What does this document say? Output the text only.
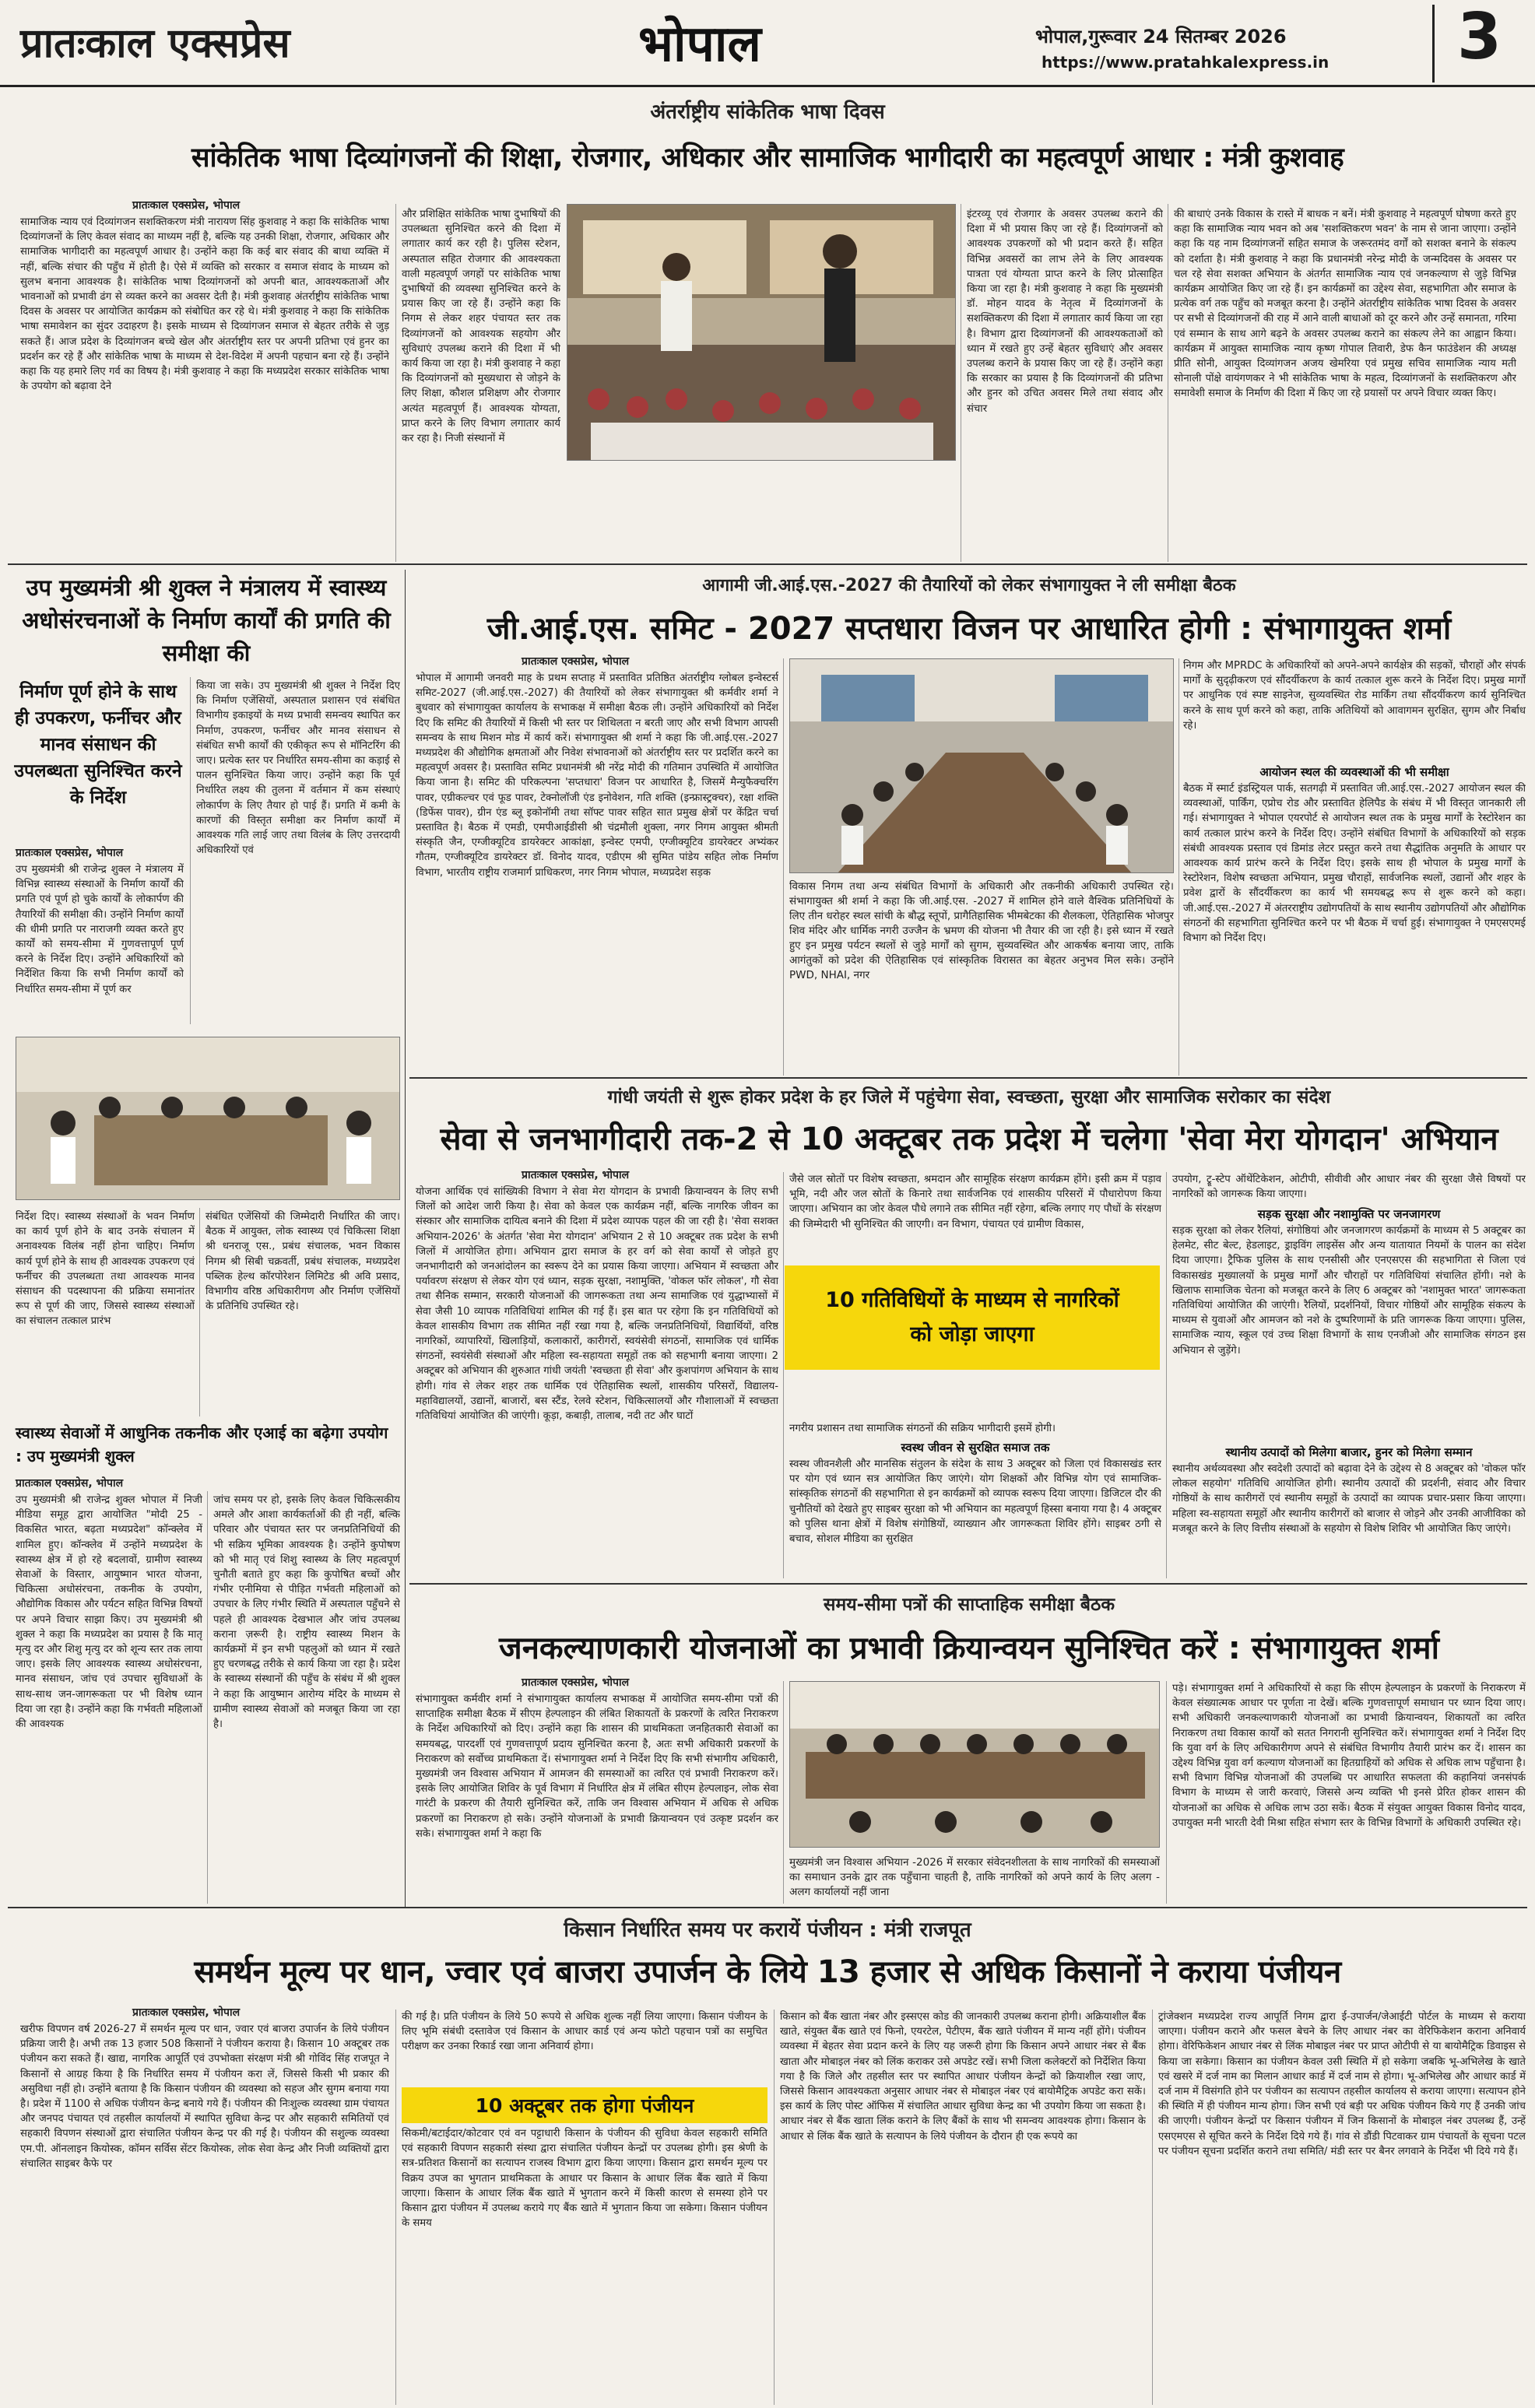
प्रातःकाल एक्सप्रेस	भोपाल	भोपाल,गुरूवार 24 सितम्बर 2026
https://www.pratahkalexpress.in 3
अंतर्राष्ट्रीय सांकेतिक भाषा दिवस
सांकेतिक भाषा दिव्यांगजनों की शिक्षा, रोजगार, अधिकार और सामाजिक भागीदारी का महत्वपूर्ण आधार : मंत्री कुशवाह
प्रातःकाल एक्सप्रेस, भोपाल
सामाजिक न्याय एवं दिव्यांगजन सशक्तिकरण मंत्री नारायण सिंह कुशवाह ने कहा कि सांकेतिक भाषा दिव्यांगजनों के लिए केवल संवाद का माध्यम नहीं है, बल्कि यह उनकी शिक्षा, रोजगार, अधिकार और सामाजिक भागीदारी का महत्वपूर्ण आधार है। उन्होंने कहा कि कई बार संवाद की बाधा व्यक्ति में नहीं, बल्कि संचार की पहुँच में होती है। ऐसे में व्यक्ति को सरकार व समाज संवाद के माध्यम को सुलभ बनाना आवश्यक है। सांकेतिक भाषा दिव्यांगजनों को अपनी बात, आवश्यकताओं और भावनाओं को प्रभावी ढंग से व्यक्त करने का अवसर देती है। मंत्री कुशवाह अंतर्राष्ट्रीय सांकेतिक भाषा दिवस के अवसर पर आयोजित कार्यक्रम को संबोधित कर रहे थे। मंत्री कुशवाह ने कहा कि सांकेतिक भाषा समावेशन का सुंदर उदाहरण है। इसके माध्यम से दिव्यांगजन समाज से बेहतर तरीके से जुड़ सकते हैं। आज प्रदेश के दिव्यांगजन बच्चे खेल और अंतर्राष्ट्रीय स्तर पर अपनी प्रतिभा एवं हुनर का प्रदर्शन कर रहे हैं और सांकेतिक भाषा के माध्यम से देश-विदेश में अपनी पहचान बना रहे हैं। उन्होंने कहा कि यह हमारे लिए गर्व का विषय है। मंत्री कुशवाह ने कहा कि मध्यप्रदेश सरकार सांकेतिक भाषा के उपयोग को बढ़ावा देने
और प्रशिक्षित सांकेतिक भाषा दुभाषियों की उपलब्धता सुनिश्चित करने की दिशा में लगातार कार्य कर रही है। पुलिस स्टेशन, अस्पताल सहित रोजगार की आवश्यकता वाली महत्वपूर्ण जगहों पर सांकेतिक भाषा दुभाषियों की व्यवस्था सुनिश्चित करने के प्रयास किए जा रहे हैं। उन्होंने कहा कि निगम से लेकर शहर पंचायत स्तर तक दिव्यांगजनों को आवश्यक सहयोग और सुविधाएं उपलब्ध कराने की दिशा में भी कार्य किया जा रहा है। मंत्री कुशवाह ने कहा कि दिव्यांगजनों को मुख्यधारा से जोड़ने के लिए शिक्षा, कौशल प्रशिक्षण और रोजगार अत्यंत महत्वपूर्ण हैं। आवश्यक योग्यता, प्राप्त करने के लिए विभाग लगातार कार्य कर रहा है। निजी संस्थानों में
इंटरव्यू एवं रोजगार के अवसर उपलब्ध कराने की दिशा में भी प्रयास किए जा रहे हैं। दिव्यांगजनों को आवश्यक उपकरणों को भी प्रदान करते हैं। सहित विभिन्न अवसरों का लाभ लेने के लिए आवश्यक पात्रता एवं योग्यता प्राप्त करने के लिए प्रोत्साहित किया जा रहा है। मंत्री कुशवाह ने कहा कि मुख्यमंत्री डॉ. मोहन यादव के नेतृत्व में दिव्यांगजनों के सशक्तिकरण की दिशा में लगातार कार्य किया जा रहा है। विभाग द्वारा दिव्यांगजनों की आवश्यकताओं को ध्यान में रखते हुए उन्हें बेहतर सुविधाएं और अवसर उपलब्ध कराने के प्रयास किए जा रहे हैं। उन्होंने कहा कि सरकार का प्रयास है कि दिव्यांगजनों की प्रतिभा और हुनर को उचित अवसर मिले तथा संवाद और संचार
की बाधाएं उनके विकास के रास्ते में बाधक न बनें। मंत्री कुशवाह ने महत्वपूर्ण घोषणा करते हुए कहा कि सामाजिक न्याय भवन को अब 'सशक्तिकरण भवन' के नाम से जाना जाएगा। उन्होंने कहा कि यह नाम दिव्यांगजनों सहित समाज के जरूरतमंद वर्गों को सशक्त बनाने के संकल्प को दर्शाता है। मंत्री कुशवाह ने कहा कि प्रधानमंत्री नरेन्द्र मोदी के जन्मदिवस के अवसर पर चल रहे सेवा सशक्त अभियान के अंतर्गत सामाजिक न्याय एवं जनकल्याण से जुड़े विभिन्न कार्यक्रम आयोजित किए जा रहे हैं। इन कार्यक्रमों का उद्देश्य सेवा, सहभागिता और समाज के प्रत्येक वर्ग तक पहुँच को मजबूत करना है। उन्होंने अंतर्राष्ट्रीय सांकेतिक भाषा दिवस के अवसर पर सभी से दिव्यांगजनों की राह में आने वाली बाधाओं को दूर करने और उन्हें समानता, गरिमा एवं सम्मान के साथ आगे बढ़ने के अवसर उपलब्ध कराने का संकल्प लेने का आह्वान किया। कार्यक्रम में आयुक्त सामाजिक न्याय कृष्ण गोपाल तिवारी, डेफ कैन फाउंडेशन की अध्यक्ष प्रीति सोनी, आयुक्त दिव्यांगजन अजय खेमरिया एवं प्रमुख सचिव सामाजिक न्याय मती सोनाली पोंक्षे वायंगणकर ने भी सांकेतिक भाषा के महत्व, दिव्यांगजनों के सशक्तिकरण और समावेशी समाज के निर्माण की दिशा में किए जा रहे प्रयासों पर अपने विचार व्यक्त किए।
उप मुख्यमंत्री श्री शुक्ल ने मंत्रालय में स्वास्थ्य अधोसंरचनाओं के निर्माण कार्यों की प्रगति की समीक्षा की
निर्माण पूर्ण होने के साथ ही उपकरण, फर्नीचर और मानव संसाधन की उपलब्धता सुनिश्चित करने के निर्देश
प्रातःकाल एक्सप्रेस, भोपाल
उप मुख्यमंत्री श्री राजेन्द्र शुक्ल ने मंत्रालय में विभिन्न स्वास्थ्य संस्थाओं के निर्माण कार्यों की प्रगति एवं पूर्ण हो चुके कार्यों के लोकार्पण की तैयारियों की समीक्षा की। उन्होंने निर्माण कार्यों की धीमी प्रगति पर नाराजगी व्यक्त करते हुए कार्यों को समय-सीमा में गुणवत्तापूर्ण पूर्ण करने के निर्देश दिए। उन्होंने अधिकारियों को निर्देशित किया कि सभी निर्माण कार्यों को निर्धारित समय-सीमा में पूर्ण कर
किया जा सके। उप मुख्यमंत्री श्री शुक्ल ने निर्देश दिए कि निर्माण एजेंसियों, अस्पताल प्रशासन एवं संबंधित विभागीय इकाइयों के मध्य प्रभावी समन्वय स्थापित कर निर्माण, उपकरण, फर्नीचर और मानव संसाधन से संबंधित सभी कार्यों की एकीकृत रूप से मॉनिटरिंग की जाए। प्रत्येक स्तर पर निर्धारित समय-सीमा का कड़ाई से पालन सुनिश्चित किया जाए। उन्होंने कहा कि पूर्व निर्धारित लक्ष्य की तुलना में वर्तमान में कम संस्थाएं लोकार्पण के लिए तैयार हो पाई हैं। प्रगति में कमी के कारणों की विस्तृत समीक्षा कर निर्माण कार्यों में आवश्यक गति लाई जाए तथा विलंब के लिए उत्तरदायी अधिकारियों एवं
निर्देश दिए। स्वास्थ्य संस्थाओं के भवन निर्माण का कार्य पूर्ण होने के बाद उनके संचालन में अनावश्यक विलंब नहीं होना चाहिए। निर्माण कार्य पूर्ण होने के साथ ही आवश्यक उपकरण एवं फर्नीचर की उपलब्धता तथा आवश्यक मानव संसाधन की पदस्थापना की प्रक्रिया समानांतर रूप से पूर्ण की जाए, जिससे स्वास्थ्य संस्थाओं का संचालन तत्काल प्रारंभ
संबंधित एजेंसियों की जिम्मेदारी निर्धारित की जाए। बैठक में आयुक्त, लोक स्वास्थ्य एवं चिकित्सा शिक्षा श्री धनराजू एस., प्रबंध संचालक, भवन विकास निगम श्री सिबी चक्रवर्ती, प्रबंध संचालक, मध्यप्रदेश पब्लिक हेल्थ कॉरपोरेशन लिमिटेड श्री अवि प्रसाद, विभागीय वरिष्ठ अधिकारीगण और निर्माण एजेंसियों के प्रतिनिधि उपस्थित रहे।
स्वास्थ्य सेवाओं में आधुनिक तकनीक और एआई का बढ़ेगा उपयोग : उप मुख्यमंत्री शुक्ल
प्रातःकाल एक्सप्रेस, भोपाल
उप मुख्यमंत्री श्री राजेन्द्र शुक्ल भोपाल में निजी मीडिया समूह द्वारा आयोजित "मोदी 25 - विकसित भारत, बढ़ता मध्यप्रदेश" कॉन्क्लेव में शामिल हुए। कॉन्क्लेव में उन्होंने मध्यप्रदेश के स्वास्थ्य क्षेत्र में हो रहे बदलावों, ग्रामीण स्वास्थ्य सेवाओं के विस्तार, आयुष्मान भारत योजना, चिकित्सा अधोसंरचना, तकनीक के उपयोग, औद्योगिक विकास और पर्यटन सहित विभिन्न विषयों पर अपने विचार साझा किए। उप मुख्यमंत्री श्री शुक्ल ने कहा कि मध्यप्रदेश का प्रयास है कि मातृ मृत्यु दर और शिशु मृत्यु दर को शून्य स्तर तक लाया जाए। इसके लिए आवश्यक स्वास्थ्य अधोसंरचना, मानव संसाधन, जांच एवं उपचार सुविधाओं के साथ-साथ जन-जागरूकता पर भी विशेष ध्यान दिया जा रहा है। उन्होंने कहा कि गर्भवती महिलाओं की आवश्यक
जांच समय पर हो, इसके लिए केवल चिकित्सकीय अमले और आशा कार्यकर्ताओं की ही नहीं, बल्कि परिवार और पंचायत स्तर पर जनप्रतिनिधियों की भी सक्रिय भूमिका आवश्यक है। उन्होंने कुपोषण को भी मातृ एवं शिशु स्वास्थ्य के लिए महत्वपूर्ण चुनौती बताते हुए कहा कि कुपोषित बच्चों और गंभीर एनीमिया से पीड़ित गर्भवती महिलाओं को उपचार के लिए गंभीर स्थिति में अस्पताल पहुँचने से पहले ही आवश्यक देखभाल और जांच उपलब्ध कराना ज़रूरी है। राष्ट्रीय स्वास्थ्य मिशन के कार्यक्रमों में इन सभी पहलुओं को ध्यान में रखते हुए चरणबद्ध तरीके से कार्य किया जा रहा है। प्रदेश के स्वास्थ्य संस्थानों की पहुँच के संबंध में श्री शुक्ल ने कहा कि आयुष्मान आरोग्य मंदिर के माध्यम से ग्रामीण स्वास्थ्य सेवाओं को मजबूत किया जा रहा है।
आगामी जी.आई.एस.-2027 की तैयारियों को लेकर संभागायुक्त ने ली समीक्षा बैठक
जी.आई.एस. समिट - 2027 सप्तधारा विजन पर आधारित होगी : संभागायुक्त शर्मा
प्रातःकाल एक्सप्रेस, भोपाल
भोपाल में आगामी जनवरी माह के प्रथम सप्ताह में प्रस्तावित प्रतिष्ठित अंतर्राष्ट्रीय ग्लोबल इन्वेस्टर्स समिट-2027 (जी.आई.एस.-2027) की तैयारियों को लेकर संभागायुक्त श्री कर्मवीर शर्मा ने बुधवार को संभागायुक्त कार्यालय के सभाकक्ष में समीक्षा बैठक ली। उन्होंने अधिकारियों को निर्देश दिए कि समिट की तैयारियों में किसी भी स्तर पर शिथिलता न बरती जाए और सभी विभाग आपसी समन्वय के साथ मिशन मोड में कार्य करें। संभागायुक्त श्री शर्मा ने कहा कि जी.आई.एस.-2027 मध्यप्रदेश की औद्योगिक क्षमताओं और निवेश संभावनाओं को अंतर्राष्ट्रीय स्तर पर प्रदर्शित करने का महत्वपूर्ण अवसर है। प्रस्तावित समिट प्रधानमंत्री श्री नरेंद्र मोदी की गतिमान उपस्थिति में आयोजित किया जाना है। समिट की परिकल्पना 'सप्तधारा' विजन पर आधारित है, जिसमें मैन्युफैक्चरिंग पावर, एग्रीकल्चर एवं फूड पावर, टेक्नोलॉजी एंड इनोवेशन, गति शक्ति (इन्फ्रास्ट्रक्चर), रक्षा शक्ति (डिफेंस पावर), ग्रीन एंड ब्लू इकोनॉमी तथा सॉफ्ट पावर सहित सात प्रमुख क्षेत्रों पर केंद्रित चर्चा प्रस्तावित है। बैठक में एमडी, एमपीआईडीसी श्री चंद्रमौली शुक्ला, नगर निगम आयुक्त श्रीमती संस्कृति जैन, एग्जीक्यूटिव डायरेक्टर आकांक्षा, इन्वेस्ट एमपी, एग्जीक्यूटिव डायरेक्टर अभ्यंकर गौतम, एग्जीक्यूटिव डायरेक्टर डॉ. विनोद यादव, एडीएम श्री सुमित पांडेय सहित लोक निर्माण विभाग, भारतीय राष्ट्रीय राजमार्ग प्राधिकरण, नगर निगम भोपाल, मध्यप्रदेश सड़क
विकास निगम तथा अन्य संबंधित विभागों के अधिकारी और तकनीकी अधिकारी उपस्थित रहे। संभागायुक्त श्री शर्मा ने कहा कि जी.आई.एस. -2027 में शामिल होने वाले वैश्विक प्रतिनिधियों के लिए तीन धरोहर स्थल सांची के बौद्ध स्तूपों, प्रागैतिहासिक भीमबेटका की शैलकला, ऐतिहासिक भोजपुर शिव मंदिर और धार्मिक नगरी उज्जैन के भ्रमण की योजना भी तैयार की जा रही है। इसे ध्यान में रखते हुए इन प्रमुख पर्यटन स्थलों से जुड़े मार्गों को सुगम, सुव्यवस्थित और आकर्षक बनाया जाए, ताकि आगंतुकों को प्रदेश की ऐतिहासिक एवं सांस्कृतिक विरासत का बेहतर अनुभव मिल सके। उन्होंने PWD, NHAI, नगर
निगम और MPRDC के अधिकारियों को अपने-अपने कार्यक्षेत्र की सड़कों, चौराहों और संपर्क मार्गों के सुदृढ़ीकरण एवं सौंदर्यीकरण के कार्य तत्काल शुरू करने के निर्देश दिए। प्रमुख मार्गों पर आधुनिक एवं स्पष्ट साइनेज, सुव्यवस्थित रोड मार्किंग तथा सौंदर्यीकरण कार्य सुनिश्चित करने के साथ पूर्ण करने को कहा, ताकि अतिथियों को आवागमन सुरक्षित, सुगम और निर्बाध रहे।
आयोजन स्थल की व्यवस्थाओं की भी समीक्षा
बैठक में स्मार्ट इंडस्ट्रियल पार्क, सतगढ़ी में प्रस्तावित जी.आई.एस.-2027 आयोजन स्थल की व्यवस्थाओं, पार्किंग, एप्रोच रोड और प्रस्तावित हेलिपैड के संबंध में भी विस्तृत जानकारी ली गई। संभागायुक्त ने भोपाल एयरपोर्ट से आयोजन स्थल तक के प्रमुख मार्गों के रेस्टोरेशन का कार्य तत्काल प्रारंभ करने के निर्देश दिए। उन्होंने संबंधित विभागों के अधिकारियों को सड़क संबंधी आवश्यक प्रस्ताव एवं डिमांड लेटर प्रस्तुत करने तथा सैद्धांतिक अनुमति के आधार पर आवश्यक कार्य प्रारंभ करने के निर्देश दिए। इसके साथ ही भोपाल के प्रमुख मार्गों के रेस्टोरेशन, विशेष स्वच्छता अभियान, प्रमुख चौराहों, सार्वजनिक स्थलों, उद्यानों और शहर के प्रवेश द्वारों के सौंदर्यीकरण का कार्य भी समयबद्ध रूप से शुरू करने को कहा। जी.आई.एस.-2027 में अंतरराष्ट्रीय उद्योगपतियों के साथ स्थानीय उद्योगपतियों और औद्योगिक संगठनों की सहभागिता सुनिश्चित करने पर भी बैठक में चर्चा हुई। संभागायुक्त ने एमएसएमई विभाग को निर्देश दिए।
गांधी जयंती से शुरू होकर प्रदेश के हर जिले में पहुंचेगा सेवा, स्वच्छता, सुरक्षा और सामाजिक सरोकार का संदेश
सेवा से जनभागीदारी तक-2 से 10 अक्टूबर तक प्रदेश में चलेगा 'सेवा मेरा योगदान' अभियान
प्रातःकाल एक्सप्रेस, भोपाल
योजना आर्थिक एवं सांख्यिकी विभाग ने सेवा मेरा योगदान के प्रभावी क्रियान्वयन के लिए सभी जिलों को आदेश जारी किया है। सेवा को केवल एक कार्यक्रम नहीं, बल्कि नागरिक जीवन का संस्कार और सामाजिक दायित्व बनाने की दिशा में प्रदेश व्यापक पहल की जा रही है। 'सेवा सशक्त अभियान-2026' के अंतर्गत 'सेवा मेरा योगदान' अभियान 2 से 10 अक्टूबर तक प्रदेश के सभी जिलों में आयोजित होगा। अभियान द्वारा समाज के हर वर्ग को सेवा कार्यों से जोड़ते हुए जनभागीदारी को जनआंदोलन का स्वरूप देने का प्रयास किया जाएगा। अभियान में स्वच्छता और पर्यावरण संरक्षण से लेकर योग एवं ध्यान, सड़क सुरक्षा, नशामुक्ति, 'वोकल फॉर लोकल', गौ सेवा तथा सैनिक सम्मान, सरकारी योजनाओं की जागरूकता तथा अन्य सामाजिक एवं युद्धाभ्यासों में सेवा जैसी 10 व्यापक गतिविधियां शामिल की गई हैं। इस बात पर रहेगा कि इन गतिविधियों को केवल शासकीय विभाग तक सीमित नहीं रखा गया है, बल्कि जनप्रतिनिधियों, विद्यार्थियों, वरिष्ठ नागरिकों, व्यापारियों, खिलाड़ियों, कलाकारों, कारीगरों, स्वयंसेवी संगठनों, सामाजिक एवं धार्मिक संगठनों, स्वयंसेवी संस्थाओं और महिला स्व-सहायता समूहों तक को सहभागी बनाया जाएगा। 2 अक्टूबर को अभियान की शुरुआत गांधी जयंती 'स्वच्छता ही सेवा' और कुशपांगण अभियान के साथ होगी। गांव से लेकर शहर तक धार्मिक एवं ऐतिहासिक स्थलों, शासकीय परिसरों, विद्यालय-महाविद्यालयों, उद्यानों, बाजारों, बस स्टैंड, रेलवे स्टेशन, चिकित्सालयों और गौशालाओं में स्वच्छता गतिविधियां आयोजित की जाएंगी। कूड़ा, कबाड़ी, तालाब, नदी तट और घाटों
जैसे जल स्रोतों पर विशेष स्वच्छता, श्रमदान और सामूहिक संरक्षण कार्यक्रम होंगे। इसी क्रम में पड़ाव भूमि, नदी और जल स्रोतों के किनारे तथा सार्वजनिक एवं शासकीय परिसरों में पौधारोपण किया जाएगा। अभियान का जोर केवल पौधे लगाने तक सीमित नहीं रहेगा, बल्कि लगाए गए पौधों के संरक्षण की जिम्मेदारी भी सुनिश्चित की जाएगी। वन विभाग, पंचायत एवं ग्रामीण विकास,
10 गतिविधियों के माध्यम से नागरिकों को जोड़ा जाएगा
नगरीय प्रशासन तथा सामाजिक संगठनों की सक्रिय भागीदारी इसमें होगी।
स्वस्थ जीवन से सुरक्षित समाज तक
स्वस्थ जीवनशैली और मानसिक संतुलन के संदेश के साथ 3 अक्टूबर को जिला एवं विकासखंड स्तर पर योग एवं ध्यान सत्र आयोजित किए जाएंगे। योग शिक्षकों और विभिन्न योग एवं सामाजिक-सांस्कृतिक संगठनों की सहभागिता से इन कार्यक्रमों को व्यापक स्वरूप दिया जाएगा। डिजिटल दौर की चुनौतियों को देखते हुए साइबर सुरक्षा को भी अभियान का महत्वपूर्ण हिस्सा बनाया गया है। 4 अक्टूबर को पुलिस थाना क्षेत्रों में विशेष संगोष्ठियों, व्याख्यान और जागरूकता शिविर होंगे। साइबर ठगी से बचाव, सोशल मीडिया का सुरक्षित
उपयोग, ट्रू-स्टेप ऑथेंटिकेशन, ओटीपी, सीवीवी और आधार नंबर की सुरक्षा जैसे विषयों पर नागरिकों को जागरूक किया जाएगा।
सड़क सुरक्षा और नशामुक्ति पर जनजागरण
सड़क सुरक्षा को लेकर रैलियां, संगोष्ठियां और जनजागरण कार्यक्रमों के माध्यम से 5 अक्टूबर का हेलमेट, सीट बेल्ट, हेडलाइट, ड्राइविंग लाइसेंस और अन्य यातायात नियमों के पालन का संदेश दिया जाएगा। ट्रैफिक पुलिस के साथ एनसीसी और एनएसएस की सहभागिता से जिला एवं विकासखंड मुख्यालयों के प्रमुख मार्गों और चौराहों पर गतिविधियां संचालित होंगी। नशे के खिलाफ सामाजिक चेतना को मजबूत करने के लिए 6 अक्टूबर को 'नशामुक्त भारत' जागरूकता गतिविधियां आयोजित की जाएंगी। रैलियों, प्रदर्शनियों, विचार गोष्ठियों और सामूहिक संकल्प के माध्यम से युवाओं और आमजन को नशे के दुष्परिणामों के प्रति जागरूक किया जाएगा। पुलिस, सामाजिक न्याय, स्कूल एवं उच्च शिक्षा विभागों के साथ एनजीओ और सामाजिक संगठन इस अभियान से जुड़ेंगे।
स्थानीय उत्पादों को मिलेगा बाजार, हुनर को मिलेगा सम्मान
स्थानीय अर्थव्यवस्था और स्वदेशी उत्पादों को बढ़ावा देने के उद्देश्य से 8 अक्टूबर को 'वोकल फॉर लोकल सहयोग' गतिविधि आयोजित होगी। स्थानीय उत्पादों की प्रदर्शनी, संवाद और विचार गोष्ठियों के साथ कारीगरों एवं स्थानीय समूहों के उत्पादों का व्यापक प्रचार-प्रसार किया जाएगा। महिला स्व-सहायता समूहों और स्थानीय कारीगरों को बाजार से जोड़ने और उनकी आजीविका को मजबूत करने के लिए वित्तीय संस्थाओं के सहयोग से विशेष शिविर भी आयोजित किए जाएंगे।
समय-सीमा पत्रों की साप्ताहिक समीक्षा बैठक
जनकल्याणकारी योजनाओं का प्रभावी क्रियान्वयन सुनिश्चित करें : संभागायुक्त शर्मा
प्रातःकाल एक्सप्रेस, भोपाल
संभागायुक्त कर्मवीर शर्मा ने संभागायुक्त कार्यालय सभाकक्ष में आयोजित समय-सीमा पत्रों की साप्ताहिक समीक्षा बैठक में सीएम हेल्पलाइन की लंबित शिकायतों के प्रकरणों के त्वरित निराकरण के निर्देश अधिकारियों को दिए। उन्होंने कहा कि शासन की प्राथमिकता जनहितकारी सेवाओं का समयबद्ध, पारदर्शी एवं गुणवत्तापूर्ण प्रदाय सुनिश्चित करना है, अतः सभी अधिकारी प्रकरणों के निराकरण को सर्वोच्च प्राथमिकता दें। संभागायुक्त शर्मा ने निर्देश दिए कि सभी संभागीय अधिकारी, मुख्यमंत्री जन विश्वास अभियान में आमजन की समस्याओं का त्वरित एवं प्रभावी निराकरण करें। इसके लिए आयोजित शिविर के पूर्व विभाग में निर्धारित क्षेत्र में लंबित सीएम हेल्पलाइन, लोक सेवा गारंटी के प्रकरण की तैयारी सुनिश्चित करें, ताकि जन विश्वास अभियान में अधिक से अधिक प्रकरणों का निराकरण हो सके। उन्होंने योजनाओं के प्रभावी क्रियान्वयन एवं उत्कृष्ट प्रदर्शन कर सके। संभागायुक्त शर्मा ने कहा कि
मुख्यमंत्री जन विश्वास अभियान -2026 में सरकार संवेदनशीलता के साथ नागरिकों की समस्याओं का समाधान उनके द्वार तक पहुँचाना चाहती है, ताकि नागरिकों को अपने कार्य के लिए अलग - अलग कार्यालयों नहीं जाना
पड़े। संभागायुक्त शर्मा ने अधिकारियों से कहा कि सीएम हेल्पलाइन के प्रकरणों के निराकरण में केवल संख्यात्मक आधार पर पूर्णता ना देखें। बल्कि गुणवत्तापूर्ण समाधान पर ध्यान दिया जाए। सभी अधिकारी जनकल्याणकारी योजनाओं का प्रभावी क्रियान्वयन, शिकायतों का त्वरित निराकरण तथा विकास कार्यों को सतत निगरानी सुनिश्चित करें। संभागायुक्त शर्मा ने निर्देश दिए कि युवा वर्ग के लिए अधिकारीगण अपने से संबंधित विभागीय तैयारी प्रारंभ कर दें। शासन का उद्देश्य विभिन्न युवा वर्ग कल्याण योजनाओं का हितग्राहियों को अधिक से अधिक लाभ पहुँचाना है। सभी विभाग विभिन्न योजनाओं की उपलब्धि पर आधारित सफलता की कहानियां जनसंपर्क विभाग के माध्यम से जारी करवाएं, जिससे अन्य व्यक्ति भी इनसे प्रेरित होकर शासन की योजनाओं का अधिक से अधिक लाभ उठा सकें। बैठक में संयुक्त आयुक्त विकास विनोद यादव, उपायुक्त मनी भारती देवी मिश्रा सहित संभाग स्तर के विभिन्न विभागों के अधिकारी उपस्थित रहे।
किसान निर्धारित समय पर करायें पंजीयन : मंत्री राजपूत
समर्थन मूल्य पर धान, ज्वार एवं बाजरा उपार्जन के लिये 13 हजार से अधिक किसानों ने कराया पंजीयन
प्रातःकाल एक्सप्रेस, भोपाल
खरीफ विपणन वर्ष 2026-27 में समर्थन मूल्य पर धान, ज्वार एवं बाजरा उपार्जन के लिये पंजीयन प्रक्रिया जारी है। अभी तक 13 हजार 508 किसानों ने पंजीयन कराया है। किसान 10 अक्टूबर तक पंजीयन करा सकते हैं। खाद्य, नागरिक आपूर्ति एवं उपभोक्ता संरक्षण मंत्री श्री गोविंद सिंह राजपूत ने किसानों से आग्रह किया है कि निर्धारित समय में पंजीयन करा लें, जिससे किसी भी प्रकार की असुविधा नहीं हो। उन्होंने बताया है कि किसान पंजीयन की व्यवस्था को सहज और सुगम बनाया गया है। प्रदेश में 1100 से अधिक पंजीयन केन्द्र बनाये गये हैं। पंजीयन की निःशुल्क व्यवस्था ग्राम पंचायत और जनपद पंचायत एवं तहसील कार्यालयों में स्थापित सुविधा केन्द्र पर और सहकारी समितियों एवं सहकारी विपणन संस्थाओं द्वारा संचालित पंजीयन केन्द्र पर की गई है। पंजीयन की सशुल्क व्यवस्था एम.पी. ऑनलाइन कियोस्क, कॉमन सर्विस सेंटर कियोस्क, लोक सेवा केन्द्र और निजी व्यक्तियों द्वारा संचालित साइबर कैफे पर
की गई है। प्रति पंजीयन के लिये 50 रूपये से अधिक शुल्क नहीं लिया जाएगा। किसान पंजीयन के लिए भूमि संबंधी दस्तावेज एवं किसान के आधार कार्ड एवं अन्य फोटो पहचान पत्रों का समुचित परीक्षण कर उनका रिकार्ड रखा जाना अनिवार्य होगा।
10 अक्टूबर तक होगा पंजीयन
सिकमी/बटाईदार/कोटवार एवं वन पट्टाधारी किसान के पंजीयन की सुविधा केवल सहकारी समिति एवं सहकारी विपणन सहकारी संस्था द्वारा संचालित पंजीयन केन्द्रों पर उपलब्ध होगी। इस श्रेणी के सत्र-प्रतिशत किसानों का सत्यापन राजस्व विभाग द्वारा किया जाएगा। किसान द्वारा समर्थन मूल्य पर विक्रय उपज का भुगतान प्राथमिकता के आधार पर किसान के आधार लिंक बैंक खाते में किया जाएगा। किसान के आधार लिंक बैंक खाते में भुगतान करने में किसी कारण से समस्या होने पर किसान द्वारा पंजीयन में उपलब्ध कराये गए बैंक खाते में भुगतान किया जा सकेगा। किसान पंजीयन के समय
किसान को बैंक खाता नंबर और इस्सएस कोड की जानकारी उपलब्ध कराना होगी। अक्रियाशील बैंक खाते, संयुक्त बैंक खाते एवं फिनो, एयरटेल, पेटीएम, बैंक खाते पंजीयन में मान्य नहीं होंगे। पंजीयन व्यवस्था में बेहतर सेवा प्रदान करने के लिए यह जरूरी होगा कि किसान अपने आधार नंबर से बैंक खाता और मोबाइल नंबर को लिंक कराकर उसे अपडेट रखें। सभी जिला कलेक्टरों को निर्देशित किया गया है कि जिले और तहसील स्तर पर स्थापित आधार पंजीयन केन्द्रों को क्रियाशील रखा जाए, जिससे किसान आवश्यकता अनुसार आधार नंबर से मोबाइल नंबर एवं बायोमैट्रिक अपडेट करा सकें। इस कार्य के लिए पोस्ट ऑफिस में संचालित आधार सुविधा केन्द्र का भी उपयोग किया जा सकता है। आधार नंबर से बैंक खाता लिंक कराने के लिए बैंकों के साथ भी समन्वय आवश्यक होगा। किसान के आधार से लिंक बैंक खाते के सत्यापन के लिये पंजीयन के दौरान ही एक रूपये का
ट्रांजेक्शन मध्यप्रदेश राज्य आपूर्ति निगम द्वारा ई-उपार्जन/जेआईटी पोर्टल के माध्यम से कराया जाएगा। पंजीयन कराने और फसल बेचने के लिए आधार नंबर का वेरिफिकेशन कराना अनिवार्य होगा। वेरिफिकेशन आधार नंबर से लिंक मोबाइल नंबर पर प्राप्त ओटीपी से या बायोमैट्रिक डिवाइस से किया जा सकेगा। किसान का पंजीयन केवल उसी स्थिति में हो सकेगा जबकि भू-अभिलेख के खाते एवं खसरे में दर्ज नाम का मिलान आधार कार्ड में दर्ज नाम से होगा। भू-अभिलेख और आधार कार्ड में दर्ज नाम में विसंगति होने पर पंजीयन का सत्यापन तहसील कार्यालय से कराया जाएगा। सत्यापन होने की स्थिति में ही पंजीयन मान्य होगा। जिन सभी एवं बड़ी पर अधिक पंजीयन किये गए हैं उनकी जांच की जाएगी। पंजीयन केन्द्रों पर किसान पंजीयन में जिन किसानों के मोबाइल नंबर उपलब्ध हैं, उन्हें एसएमएस से सूचित करने के निर्देश दिये गये हैं। गांव से डौंडी पिटवाकर ग्राम पंचायतों के सूचना पटल पर पंजीयन सूचना प्रदर्शित कराने तथा समिति/ मंडी स्तर पर बैनर लगवाने के निर्देश भी दिये गये हैं।
